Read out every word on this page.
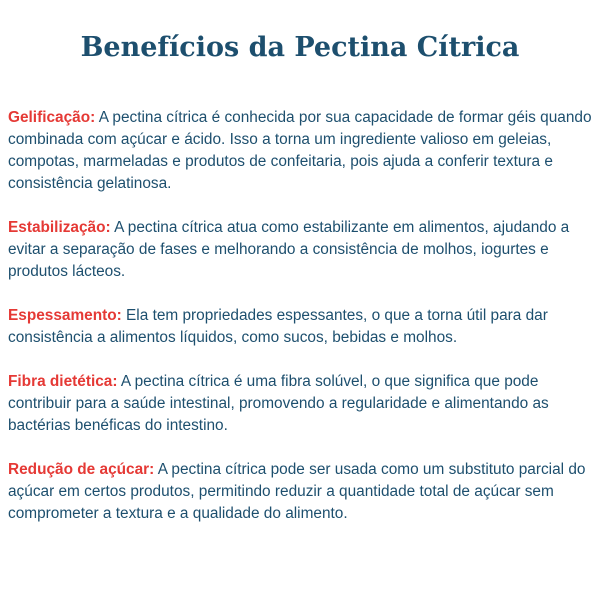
Benefícios da Pectina Cítrica

Gelificação: A pectina cítrica é conhecida por sua capacidade de formar géis quando combinada com açúcar e ácido. Isso a torna um ingrediente valioso em geleias, compotas, marmeladas e produtos de confeitaria, pois ajuda a conferir textura e consistência gelatinosa.

Estabilização: A pectina cítrica atua como estabilizante em alimentos, ajudando a evitar a separação de fases e melhorando a consistência de molhos, iogurtes e produtos lácteos.

Espessamento: Ela tem propriedades espessantes, o que a torna útil para dar consistência a alimentos líquidos, como sucos, bebidas e molhos.

Fibra dietética: A pectina cítrica é uma fibra solúvel, o que significa que pode contribuir para a saúde intestinal, promovendo a regularidade e alimentando as bactérias benéficas do intestino.

Redução de açúcar: A pectina cítrica pode ser usada como um substituto parcial do açúcar em certos produtos, permitindo reduzir a quantidade total de açúcar sem comprometer a textura e a qualidade do alimento.
